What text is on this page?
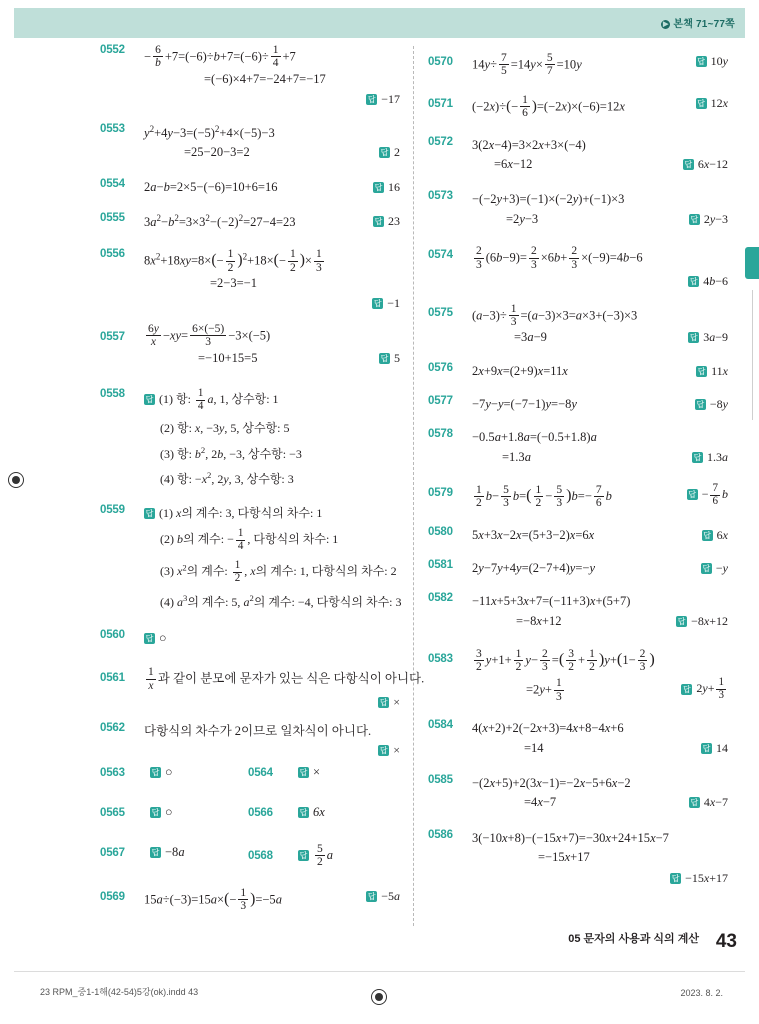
▶ 본책 71~77쪽
0552	− $\frac{6}{b} +7=(-6)\div b+7=(-6)\div \frac{1}{4} +7$
=(−6)×4+7=−24+7=−17
답 −17
0553	$y^2+4y-3=(-5)^2+4\times(-5)-3$
=25−20−3=2	답 2
0554	2a−b=2×5−(−6)=10+6=16	답 16
0555	$3a^2-b^2=3\times 3^2-(-2)^2=27-4=23$	답 23
0556	$8x^2+18xy=8\times(- \frac{1}{2} )^2+18\times(- \frac{1}{2}$ )× $\frac{1}{3}$
=2−3=−1
답 −1
0557	$\frac{6y}{x} -xy= \frac{6\times(-5)}{3} -3\times(-5)$
=−10+15=5	답 5
0558	답 (1) 항: $\frac{1}{4} a$, 1, 상수항: 1
(2) 항: x, −3y, 5, 상수항: 5
(3) 항: $b^2$, 2b, −3, 상수항: −3
(4) 항: $-x^2$, 2y, 3, 상수항: 3
0559	답 (1) x의 계수: 3, 다항식의 차수: 1
(2) b의 계수: − $\frac{1}{4}$ , 다항식의 차수: 1
(3) $x^2$의 계수: $\frac{1}{2}$ , x의 계수: 1, 다항식의 차수: 2
(4) $a^3$의 계수: 5, $a^2$의 계수: −4, 다항식의 차수: 3
0560	답 ○
0561	$\frac{1}{x}$ 과 같이 분모에 문자가 있는 식은 다항식이 아니다.
답 ×
0562	다항식의 차수가 2이므로 일차식이 아니다.
답 ×
0563	답 ○	0564	답 ×
0565	답 ○	0566	답 6x
0567	답 −8a	0568	답 $\frac{5}{2}$ a
0569	$15a\div(-3)=15a\times(- \frac{1}{3} )=-5a$	답 −5a
0570	$14y\div \frac{7}{5} =14y\times \frac{5}{7} =10y$	답 10y
0571	$(-2x)\div(- \frac{1}{6} )=(-2x)\times(-6)=12x$	답 12x
0572	3(2x−4)=3×2x+3×(−4)
=6x−12	답 6x−12
0573	−(−2y+3)=(−1)×(−2y)+(−1)×3
=2y−3	답 2y−3
0574	$\frac{2}{3} (6b-9)= \frac{2}{3} \times 6b+ \frac{2}{3} \times(-9)=4b-6$
답 4b−6
0575	$(a-3)\div \frac{1}{3} =(a-3)\times 3=a\times 3+(-3)\times 3$
=3a−9	답 3a−9
0576	2x+9x=(2+9)x=11x	답 11x
0577	−7y−y=(−7−1)y=−8y	답 −8y
0578	−0.5a+1.8a=(−0.5+1.8)a
=1.3a	답 1.3a
0579	$\frac{1}{2} b- \frac{5}{3} b=( \frac{1}{2} - \frac{5}{3} )b=- \frac{7}{6}$ b	답 − $\frac{7}{6}$ b
0580	5x+3x−2x=(5+3−2)x=6x	답 6x
0581	2y−7y+4y=(2−7+4)y=−y	답 −y
0582	−11x+5+3x+7=(−11+3)x+(5+7)
=−8x+12	답 −8x+12
0583	$\frac{3}{2} y+1+ \frac{1}{2} y- \frac{2}{3}$ =( $\frac{3}{2} + \frac{1}{2} )y+(1- \frac{2}{3}$ )
$=2y+ \frac{1}{3}$	답 $2y+ \frac{1}{3}$
0584	4(x+2)+2(−2x+3)=4x+8−4x+6
=14	답 14
0585	−(2x+5)+2(3x−1)=−2x−5+6x−2
=4x−7	답 4x−7
0586	3(−10x+8)−(−15x+7)=−30x+24+15x−7
=−15x+17
답 −15x+17
05 문자의 사용과 식의 계산 43
23 RPM_중1-1해(42-54)5강(ok).indd 43	2023. 8. 2.
